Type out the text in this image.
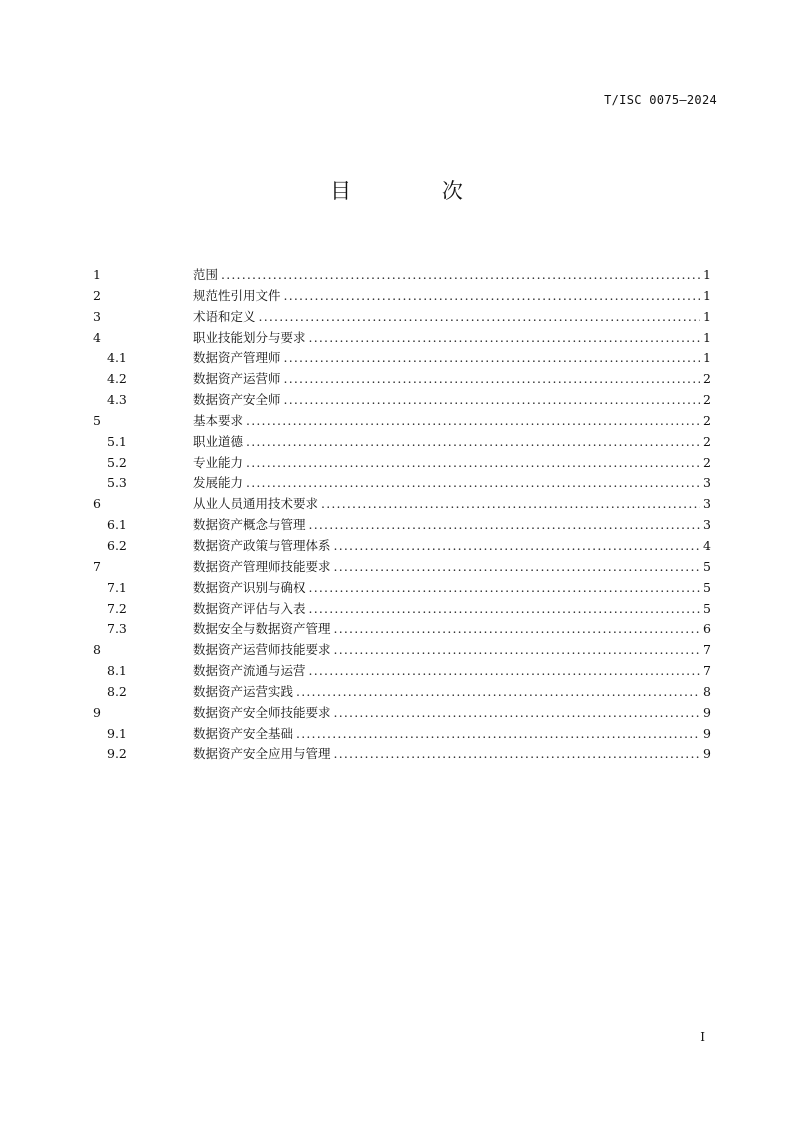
T/ISC 0075—2024
目 次
1	范围 .....	1
2	规范性引用文件 .....	1
3	术语和定义 .....	1
4	职业技能划分与要求 .....	1
4.1	数据资产管理师 .....	1
4.2	数据资产运营师 .....	2
4.3	数据资产安全师 .....	2
5	基本要求 .....	2
5.1	职业道德 .....	2
5.2	专业能力 .....	2
5.3	发展能力 .....	3
6	从业人员通用技术要求 .....	3
6.1	数据资产概念与管理 .....	3
6.2	数据资产政策与管理体系 .....	4
7	数据资产管理师技能要求 .....	5
7.1	数据资产识别与确权 .....	5
7.2	数据资产评估与入表 .....	5
7.3	数据安全与数据资产管理 .....	6
8	数据资产运营师技能要求 .....	7
8.1	数据资产流通与运营 .....	7
8.2	数据资产运营实践 .....	8
9	数据资产安全师技能要求 .....	9
9.1	数据资产安全基础 .....	9
9.2	数据资产安全应用与管理 .....	9
I
